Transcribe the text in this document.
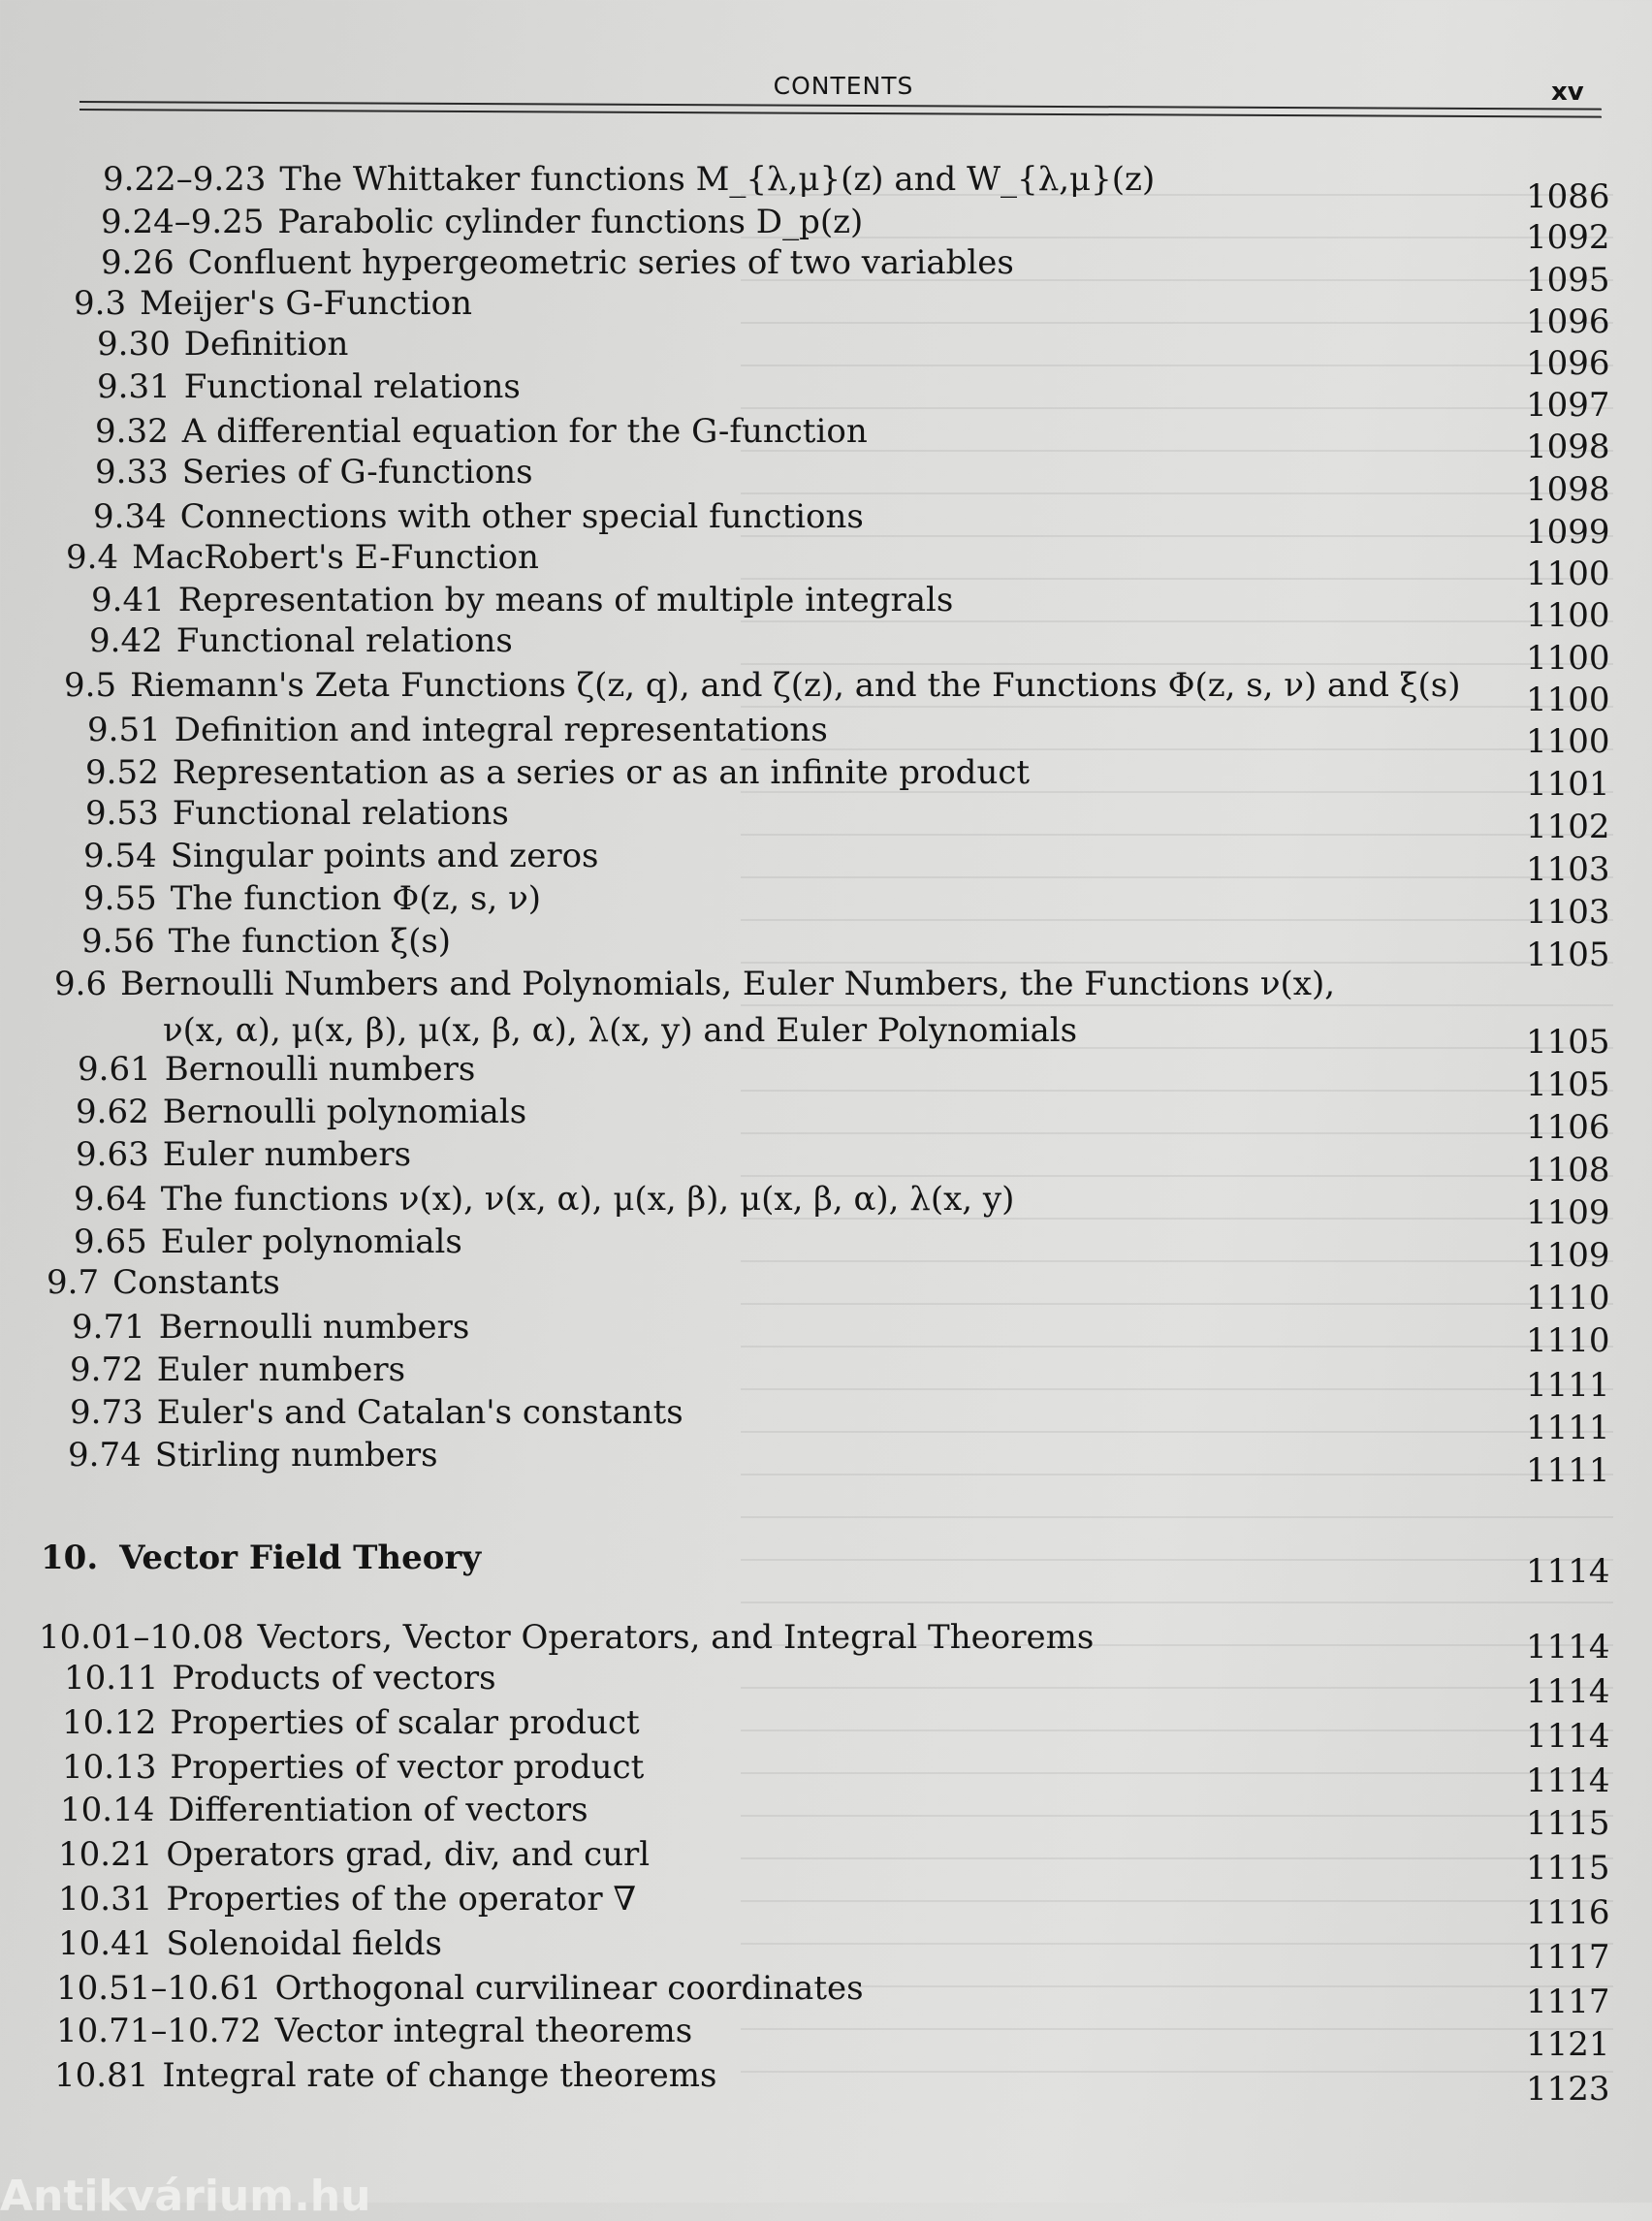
CONTENTS	xv
9.22–9.23 The Whittaker functions M_{λ,μ}(z) and W_{λ,μ}(z)	1086
9.24–9.25 Parabolic cylinder functions D_p(z)	1092
9.26 Confluent hypergeometric series of two variables	1095
9.3 Meijer's G-Function	1096
9.30 Definition	1096
9.31 Functional relations	1097
9.32 A differential equation for the G-function	1098
9.33 Series of G-functions	1098
9.34 Connections with other special functions	1099
9.4 MacRobert's E-Function	1100
9.41 Representation by means of multiple integrals	1100
9.42 Functional relations	1100
9.5 Riemann's Zeta Functions ζ(z, q), and ζ(z), and the Functions Φ(z, s, ν) and ξ(s) 1100
9.51 Definition and integral representations	1100
9.52 Representation as a series or as an infinite product	1101
9.53 Functional relations	1102
9.54 Singular points and zeros	1103
9.55 The function Φ(z, s, ν)	1103
9.56 The function ξ(s)	1105
9.6 Bernoulli Numbers and Polynomials, Euler Numbers, the Functions ν(x),
ν(x, α), μ(x, β), μ(x, β, α), λ(x, y) and Euler Polynomials	1105
9.61 Bernoulli numbers	1105
9.62 Bernoulli polynomials	1106
9.63 Euler numbers	1108
9.64 The functions ν(x), ν(x, α), μ(x, β), μ(x, β, α), λ(x, y)	1109
9.65 Euler polynomials	1109
9.7 Constants	1110
9.71 Bernoulli numbers	1110
9.72 Euler numbers	1111
9.73 Euler's and Catalan's constants	1111
9.74 Stirling numbers	1111
10. Vector Field Theory	1114
10.01–10.08 Vectors, Vector Operators, and Integral Theorems	1114
10.11 Products of vectors	1114
10.12 Properties of scalar product	1114
10.13 Properties of vector product	1114
10.14 Differentiation of vectors	1115
10.21 Operators grad, div, and curl	1115
10.31 Properties of the operator ∇	1116
10.41 Solenoidal fields	1117
10.51–10.61 Orthogonal curvilinear coordinates	1117
10.71–10.72 Vector integral theorems	1121
10.81 Integral rate of change theorems	1123
Antikvárium.hu
